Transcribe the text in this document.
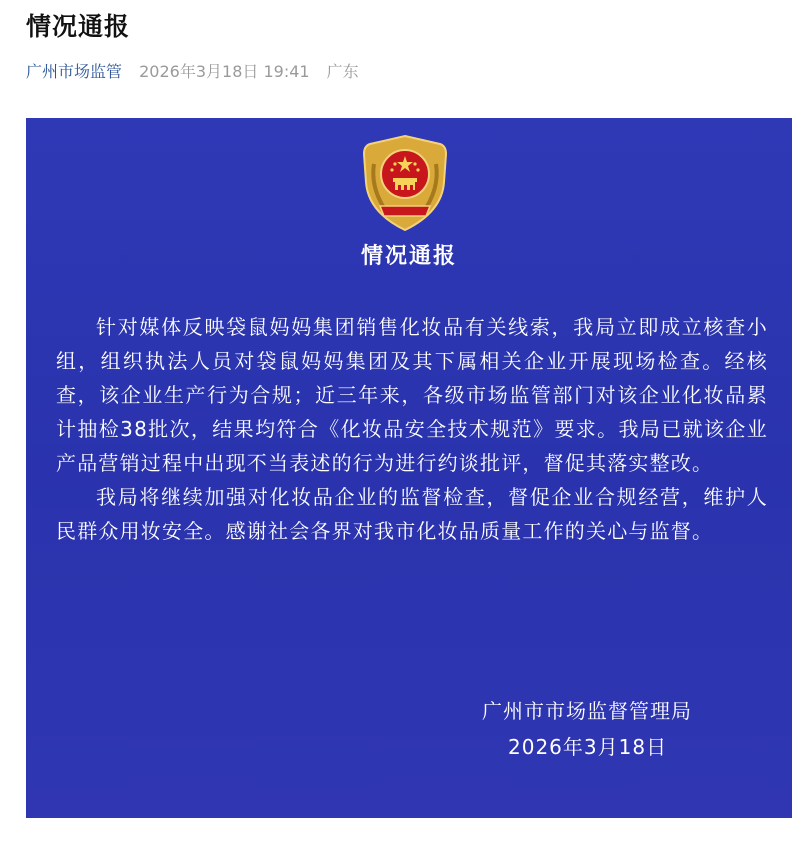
情况通报
广州市场监管 2026年3月18日 19:41 广东
情况通报

针对媒体反映袋鼠妈妈集团销售化妆品有关线索，我局立即成立核查小组，组织执法人员对袋鼠妈妈集团及其下属相关企业开展现场检查。经核查，该企业生产行为合规；近三年来，各级市场监管部门对该企业化妆品累计抽检38批次，结果均符合《化妆品安全技术规范》要求。我局已就该企业产品营销过程中出现不当表述的行为进行约谈批评，督促其落实整改。

我局将继续加强对化妆品企业的监督检查，督促企业合规经营，维护人民群众用妆安全。感谢社会各界对我市化妆品质量工作的关心与监督。

广州市市场监督管理局
2026年3月18日
